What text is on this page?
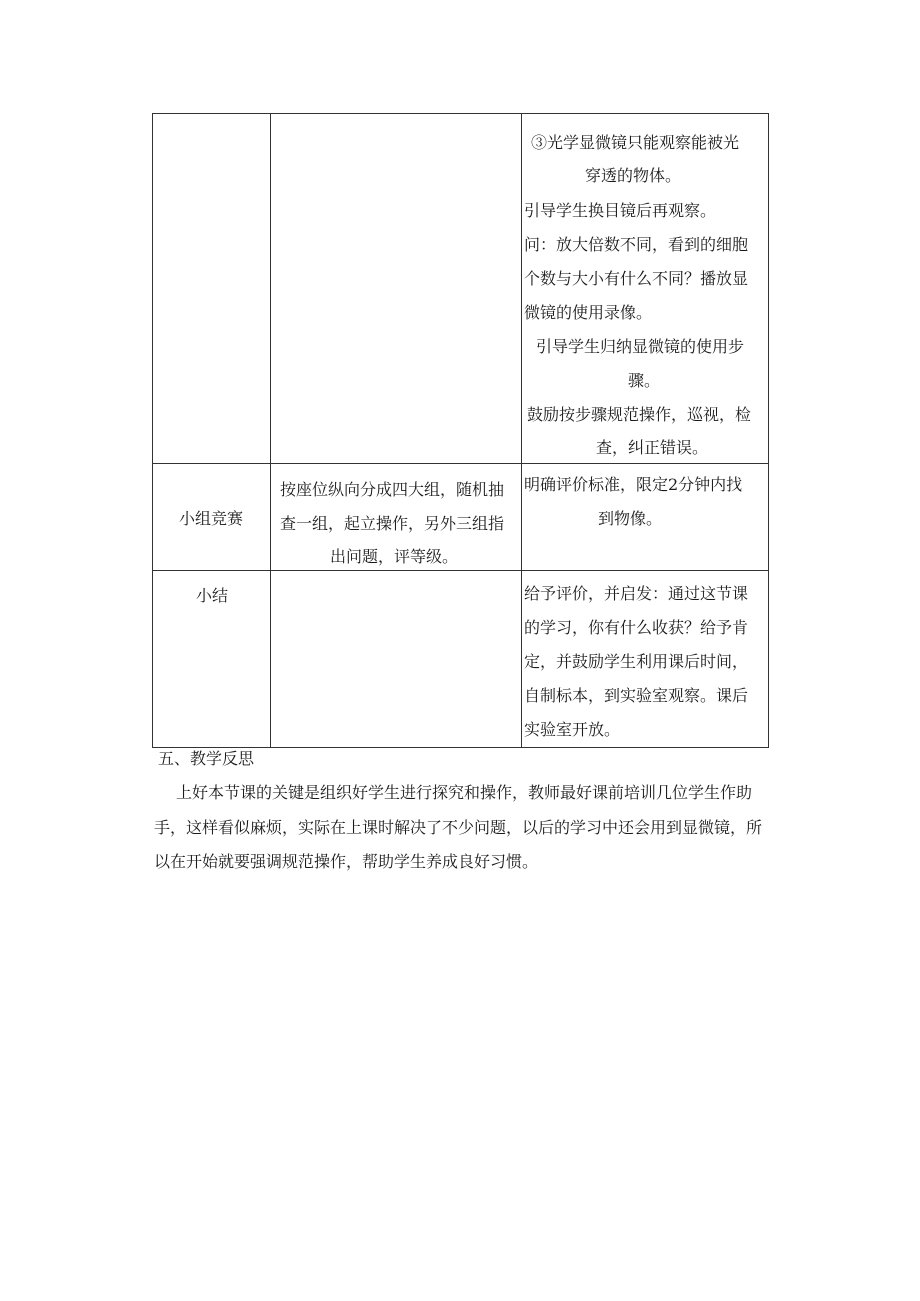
③光学显微镜只能观察能被光
穿透的物体。
引导学生换目镜后再观察。
问：放大倍数不同，看到的细胞
个数与大小有什么不同？播放显
微镜的使用录像。
引导学生归纳显微镜的使用步
骤。
鼓励按步骤规范操作，巡视，检
查，纠正错误。
小组竞赛
按座位纵向分成四大组，随机抽
查一组，起立操作，另外三组指
出问题，评等级。
明确评价标准，限定2分钟内找
到物像。
小结	给予评价，并启发：通过这节课
的学习，你有什么收获？给予肯
定，并鼓励学生利用课后时间，
自制标本，到实验室观察。课后
实验室开放。
五、教学反思
上好本节课的关键是组织好学生进行探究和操作，教师最好课前培训几位学生作助
手，这样看似麻烦，实际在上课时解决了不少问题，以后的学习中还会用到显微镜，所
以在开始就要强调规范操作，帮助学生养成良好习惯。
